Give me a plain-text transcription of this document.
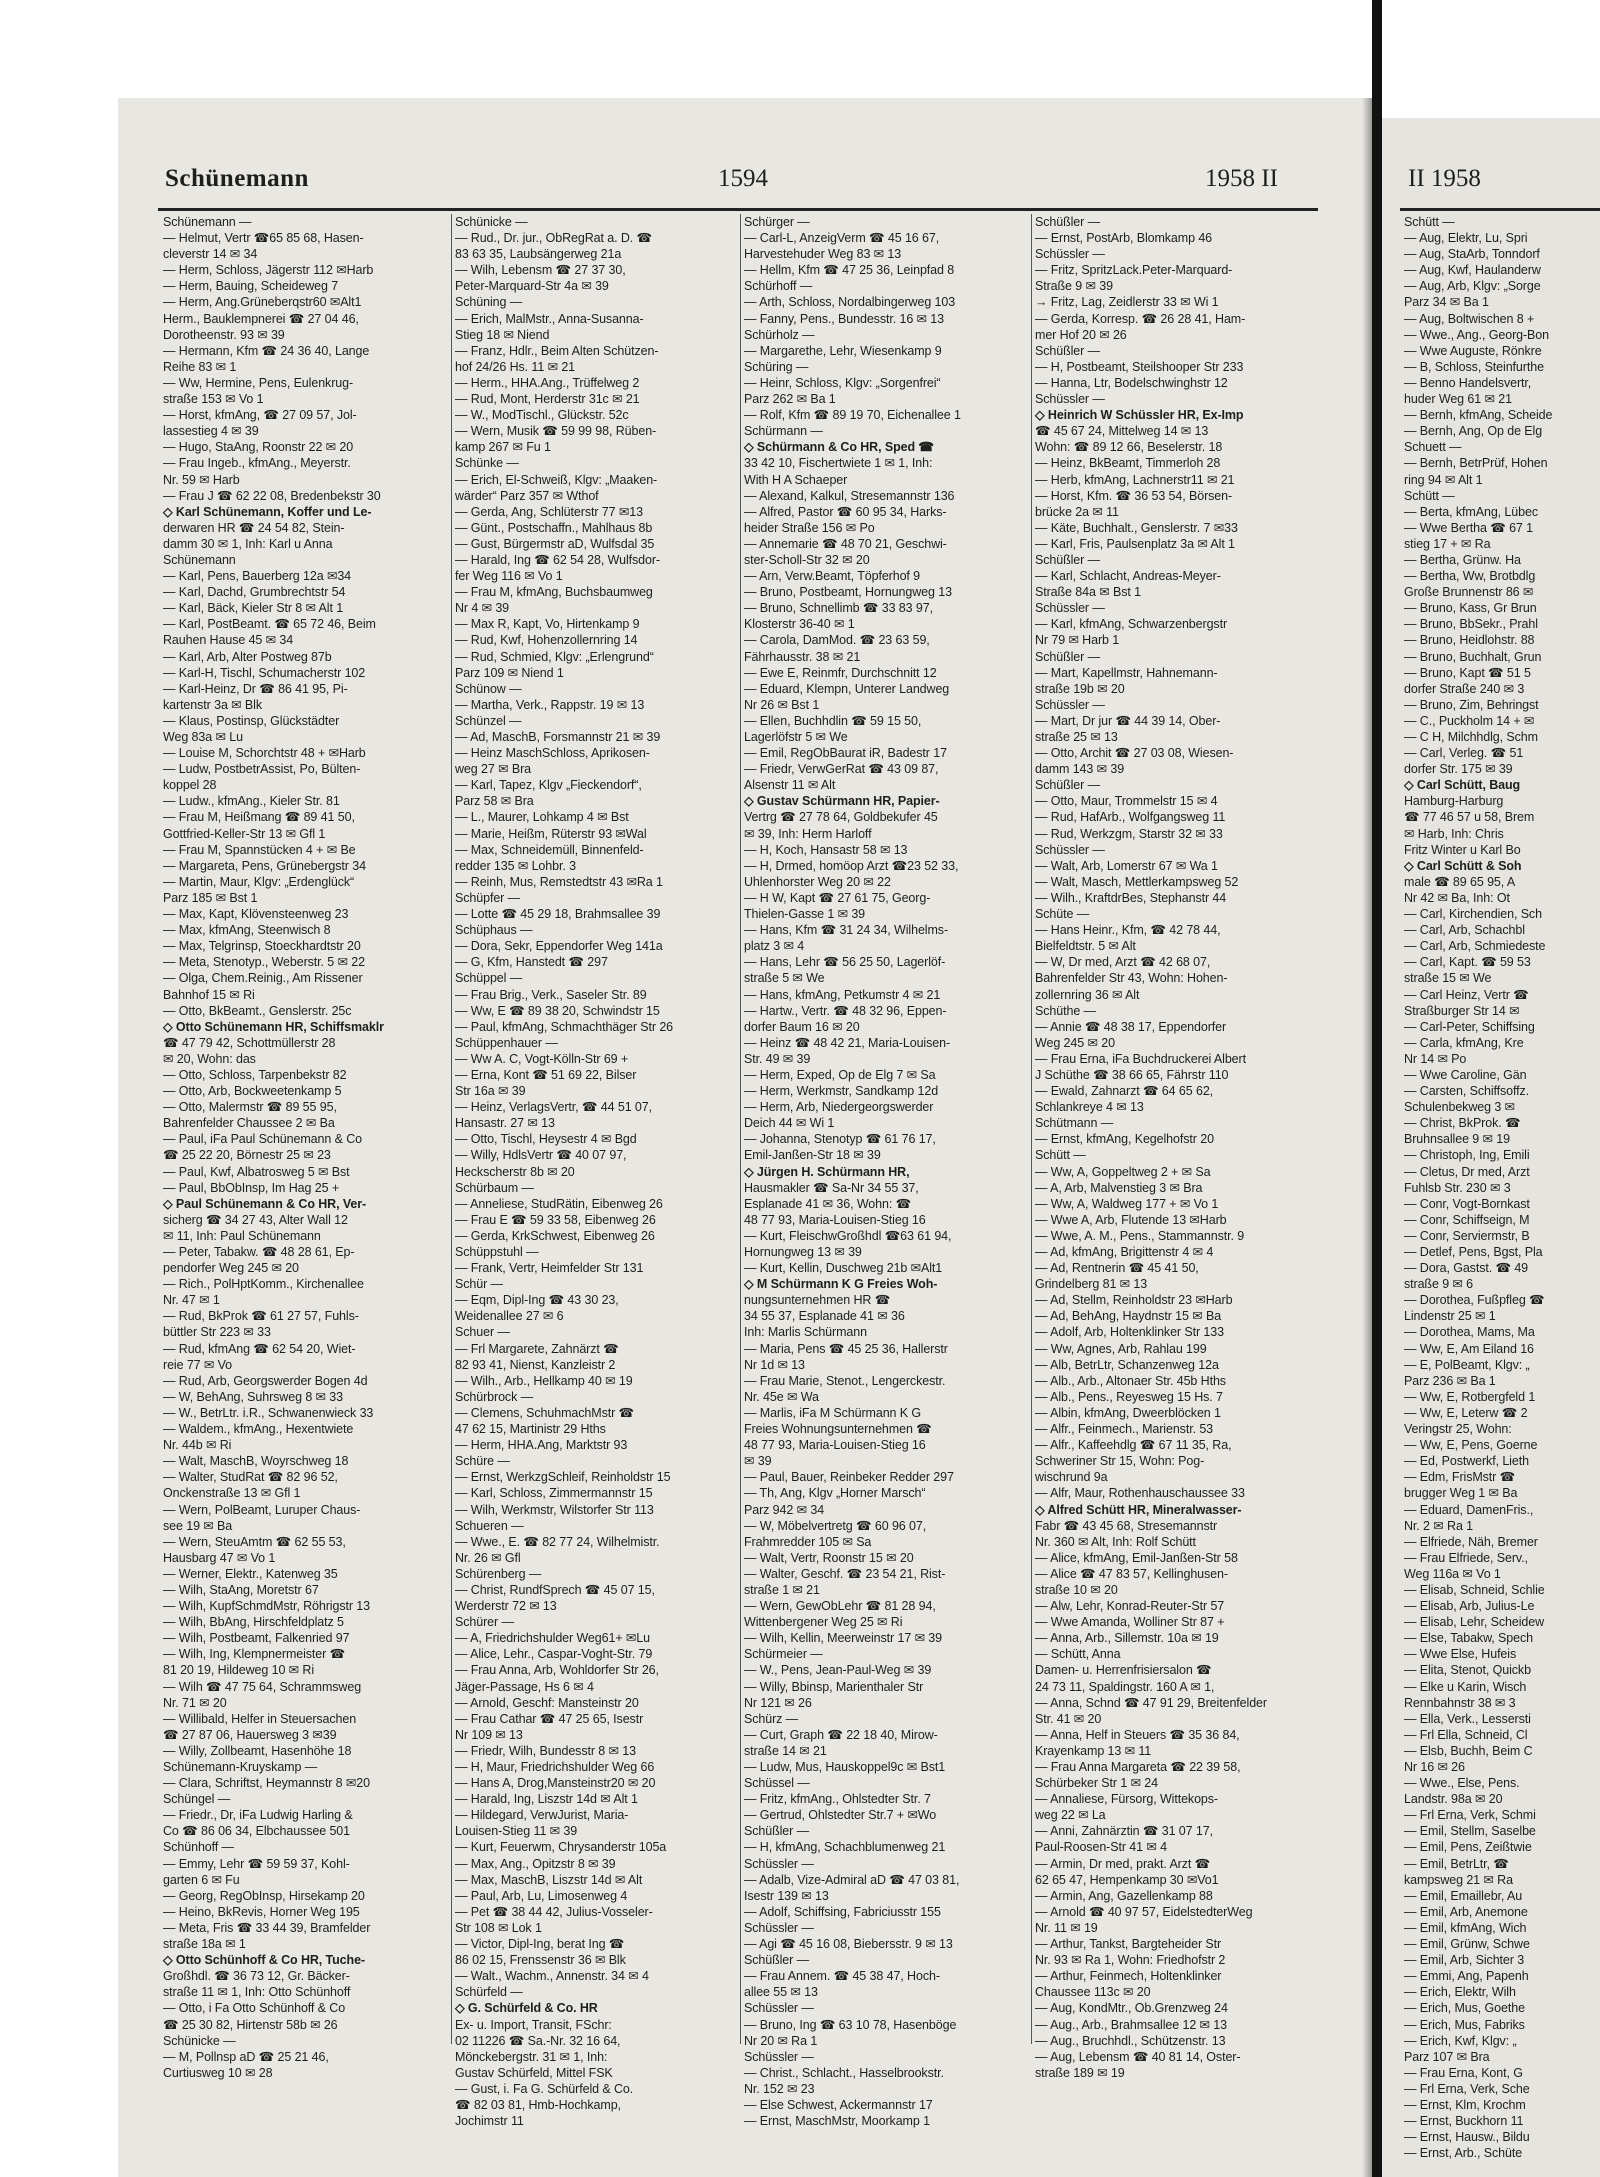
Schünemann	1594	1958 II	II 1958
Schünemann —
— Helmut, Vertr ☎65 85 68, Hasen-
cleverstr 14 ✉ 34
— Herm, Schloss, Jägerstr 112 ✉Harb
— Herm, Bauing, Scheideweg 7
— Herm, Ang.Grüneberqstr60 ✉Alt1
Herm., Bauklempnerei ☎ 27 04 46,
Dorotheenstr. 93 ✉ 39
— Hermann, Kfm ☎ 24 36 40, Lange
Reihe 83 ✉ 1
— Ww, Hermine, Pens, Eulenkrug-
straße 153 ✉ Vo 1
— Horst, kfmAng, ☎ 27 09 57, Jol-
lassestieg 4 ✉ 39
— Hugo, StaAng, Roonstr 22 ✉ 20
— Frau Ingeb., kfmAng., Meyerstr.
Nr. 59 ✉ Harb
— Frau J ☎ 62 22 08, Bredenbekstr 30
◇ Karl Schünemann, Koffer und Le-
derwaren HR ☎ 24 54 82, Stein-
damm 30 ✉ 1, Inh: Karl u Anna
Schünemann
— Karl, Pens, Bauerberg 12a ✉34
— Karl, Dachd, Grumbrechtstr 54
— Karl, Bäck, Kieler Str 8 ✉ Alt 1
— Karl, PostBeamt. ☎ 65 72 46, Beim
Rauhen Hause 45 ✉ 34
— Karl, Arb, Alter Postweg 87b
— Karl-H, Tischl, Schumacherstr 102
— Karl-Heinz, Dr ☎ 86 41 95, Pi-
kartenstr 3a ✉ Blk
— Klaus, Postinsp, Glückstädter
Weg 83a ✉ Lu
— Louise M, Schorchtstr 48 + ✉Harb
— Ludw, PostbetrAssist, Po, Bülten-
koppel 28
— Ludw., kfmAng., Kieler Str. 81
— Frau M, Heißmang ☎ 89 41 50,
Gottfried-Keller-Str 13 ✉ Gfl 1
— Frau M, Spannstücken 4 + ✉ Be
— Margareta, Pens, Grünebergstr 34
— Martin, Maur, Klgv: „Erdenglück“
Parz 185 ✉ Bst 1
— Max, Kapt, Klövensteenweg 23
— Max, kfmAng, Steenwisch 8
— Max, Telgrinsp, Stoeckhardtstr 20
— Meta, Stenotyp., Weberstr. 5 ✉ 22
— Olga, Chem.Reinig., Am Rissener
Bahnhof 15 ✉ Ri
— Otto, BkBeamt., Genslerstr. 25c
◇ Otto Schünemann HR, Schiffsmaklr
☎ 47 79 42, Schottmüllerstr 28
✉ 20, Wohn: das
— Otto, Schloss, Tarpenbekstr 82
— Otto, Arb, Bockweetenkamp 5
— Otto, Malermstr ☎ 89 55 95,
Bahrenfelder Chaussee 2 ✉ Ba
— Paul, iFa Paul Schünemann & Co
☎ 25 22 20, Börnestr 25 ✉ 23
— Paul, Kwf, Albatrosweg 5 ✉ Bst
— Paul, BbObInsp, Im Hag 25 +
◇ Paul Schünemann & Co HR, Ver-
sicherg ☎ 34 27 43, Alter Wall 12
✉ 11, Inh: Paul Schünemann
— Peter, Tabakw. ☎ 48 28 61, Ep-
pendorfer Weg 245 ✉ 20
— Rich., PolHptKomm., Kirchenallee
Nr. 47 ✉ 1
— Rud, BkProk ☎ 61 27 57, Fuhls-
büttler Str 223 ✉ 33
— Rud, kfmAng ☎ 62 54 20, Wiet-
reie 77 ✉ Vo
— Rud, Arb, Georgswerder Bogen 4d
— W, BehAng, Suhrsweg 8 ✉ 33
— W., BetrLtr. i.R., Schwanenwieck 33
— Waldem., kfmAng., Hexentwiete
Nr. 44b ✉ Ri
— Walt, MaschB, Woyrschweg 18
— Walter, StudRat ☎ 82 96 52,
Onckenstraße 13 ✉ Gfl 1
— Wern, PolBeamt, Luruper Chaus-
see 19 ✉ Ba
— Wern, SteuAmtm ☎ 62 55 53,
Hausbarg 47 ✉ Vo 1
— Werner, Elektr., Katenweg 35
— Wilh, StaAng, Moretstr 67
— Wilh, KupfSchmdMstr, Röhrigstr 13
— Wilh, BbAng, Hirschfeldplatz 5
— Wilh, Postbeamt, Falkenried 97
— Wilh, Ing, Klempnermeister ☎
81 20 19, Hildeweg 10 ✉ Ri
— Wilh ☎ 47 75 64, Schrammsweg
Nr. 71 ✉ 20
— Willibald, Helfer in Steuersachen
☎ 27 87 06, Hauersweg 3 ✉39
— Willy, Zollbeamt, Hasenhöhe 18
Schünemann-Kruyskamp —
— Clara, Schriftst, Heymannstr 8 ✉20
Schüngel —
— Friedr., Dr, iFa Ludwig Harling &
Co ☎ 86 06 34, Elbchaussee 501
Schünhoff —
— Emmy, Lehr ☎ 59 59 37, Kohl-
garten 6 ✉ Fu
— Georg, RegObInsp, Hirsekamp 20
— Heino, BkRevis, Horner Weg 195
— Meta, Fris ☎ 33 44 39, Bramfelder
straße 18a ✉ 1
◇ Otto Schünhoff & Co HR, Tuche-
Großhdl. ☎ 36 73 12, Gr. Bäcker-
straße 11 ✉ 1, Inh: Otto Schünhoff
— Otto, i Fa Otto Schünhoff & Co
☎ 25 30 82, Hirtenstr 58b ✉ 26
Schünicke —
— M, Pollnsp aD ☎ 25 21 46,
Curtiusweg 10 ✉ 28
Schünicke —
— Rud., Dr. jur., ObRegRat a. D. ☎
83 63 35, Laubsängerweg 21a
— Wilh, Lebensm ☎ 27 37 30,
Peter-Marquard-Str 4a ✉ 39
Schüning —
— Erich, MalMstr., Anna-Susanna-
Stieg 18 ✉ Niend
— Franz, Hdlr., Beim Alten Schützen-
hof 24/26 Hs. 11 ✉ 21
— Herm., HHA.Ang., Trüffelweg 2
— Rud, Mont, Herderstr 31c ✉ 21
— W., ModTischl., Glückstr. 52c
— Wern, Musik ☎ 59 99 98, Rüben-
kamp 267 ✉ Fu 1
Schünke —
— Erich, El-Schweiß, Klgv: „Maaken-
wärder“ Parz 357 ✉ Wthof
— Gerda, Ang, Schlüterstr 77 ✉13
— Günt., Postschaffn., Mahlhaus 8b
— Gust, Bürgermstr aD, Wulfsdal 35
— Harald, Ing ☎ 62 54 28, Wulfsdor-
fer Weg 116 ✉ Vo 1
— Frau M, kfmAng, Buchsbaumweg
Nr 4 ✉ 39
— Max R, Kapt, Vo, Hirtenkamp 9
— Rud, Kwf, Hohenzollernring 14
— Rud, Schmied, Klgv: „Erlengrund“
Parz 109 ✉ Niend 1
Schünow —
— Martha, Verk., Rappstr. 19 ✉ 13
Schünzel —
— Ad, MaschB, Forsmannstr 21 ✉ 39
— Heinz MaschSchloss, Aprikosen-
weg 27 ✉ Bra
— Karl, Tapez, Klgv „Fieckendorf“,
Parz 58 ✉ Bra
— L., Maurer, Lohkamp 4 ✉ Bst
— Marie, Heißm, Rüterstr 93 ✉Wal
— Max, Schneidemüll, Binnenfeld-
redder 135 ✉ Lohbr. 3
— Reinh, Mus, Remstedtstr 43 ✉Ra 1
Schüpfer —
— Lotte ☎ 45 29 18, Brahmsallee 39
Schüphaus —
— Dora, Sekr, Eppendorfer Weg 141a
— G, Kfm, Hanstedt ☎ 297
Schüppel —
— Frau Brig., Verk., Saseler Str. 89
— Ww, E ☎ 89 38 20, Schwindstr 15
— Paul, kfmAng, Schmachthäger Str 26
Schüppenhauer —
— Ww A. C, Vogt-Kölln-Str 69 +
— Erna, Kont ☎ 51 69 22, Bilser
Str 16a ✉ 39
— Heinz, VerlagsVertr, ☎ 44 51 07,
Hansastr. 27 ✉ 13
— Otto, Tischl, Heysestr 4 ✉ Bgd
— Willy, HdlsVertr ☎ 40 07 97,
Heckscherstr 8b ✉ 20
Schürbaum —
— Anneliese, StudRätin, Eibenweg 26
— Frau E ☎ 59 33 58, Eibenweg 26
— Gerda, KrkSchwest, Eibenweg 26
Schüppstuhl —
— Frank, Vertr, Heimfelder Str 131
Schür —
— Eqm, Dipl-Ing ☎ 43 30 23,
Weidenallee 27 ✉ 6
Schuer —
— Frl Margarete, Zahnärzt ☎
82 93 41, Nienst, Kanzleistr 2
— Wilh., Arb., Hellkamp 40 ✉ 19
Schürbrock —
— Clemens, SchuhmachMstr ☎
47 62 15, Martinistr 29 Hths
— Herm, HHA.Ang, Marktstr 93
Schüre —
— Ernst, WerkzgSchleif, Reinholdstr 15
— Karl, Schloss, Zimmermannstr 15
— Wilh, Werkmstr, Wilstorfer Str 113
Schueren —
— Wwe., E. ☎ 82 77 24, Wilhelmistr.
Nr. 26 ✉ Gfl
Schürenberg —
— Christ, RundfSprech ☎ 45 07 15,
Werderstr 72 ✉ 13
Schürer —
— A, Friedrichshulder Weg61+ ✉Lu
— Alice, Lehr., Caspar-Voght-Str. 79
— Frau Anna, Arb, Wohldorfer Str 26,
Jäger-Passage, Hs 6 ✉ 4
— Arnold, Geschf: Mansteinstr 20
— Frau Cathar ☎ 47 25 65, Isestr
Nr 109 ✉ 13
— Friedr, Wilh, Bundesstr 8 ✉ 13
— H, Maur, Friedrichshulder Weg 66
— Hans A, Drog,Mansteinstr20 ✉ 20
— Harald, Ing, Liszstr 14d ✉ Alt 1
— Hildegard, VerwJurist, Maria-
Louisen-Stieg 11 ✉ 39
— Kurt, Feuerwm, Chrysanderstr 105a
— Max, Ang., Opitzstr 8 ✉ 39
— Max, MaschB, Liszstr 14d ✉ Alt
— Paul, Arb, Lu, Limosenweg 4
— Pet ☎ 38 44 42, Julius-Vosseler-
Str 108 ✉ Lok 1
— Victor, Dipl-Ing, berat Ing ☎
86 02 15, Frenssenstr 36 ✉ Blk
— Walt., Wachm., Annenstr. 34 ✉ 4
Schürfeld —
◇ G. Schürfeld & Co. HR
Ex- u. Import, Transit, FSchr:
02 11226 ☎ Sa.-Nr. 32 16 64,
Mönckebergstr. 31 ✉ 1, Inh:
Gustav Schürfeld, Mittel FSK
— Gust, i. Fa G. Schürfeld & Co.
☎ 82 03 81, Hmb-Hochkamp,
Jochimstr 11
Schürger —
— Carl-L, AnzeigVerm ☎ 45 16 67,
Harvestehuder Weg 83 ✉ 13
— Hellm, Kfm ☎ 47 25 36, Leinpfad 8
Schürhoff —
— Arth, Schloss, Nordalbingerweg 103
— Fanny, Pens., Bundesstr. 16 ✉ 13
Schürholz —
— Margarethe, Lehr, Wiesenkamp 9
Schüring —
— Heinr, Schloss, Klgv: „Sorgenfrei“
Parz 262 ✉ Ba 1
— Rolf, Kfm ☎ 89 19 70, Eichenallee 1
Schürmann —
◇ Schürmann & Co HR, Sped ☎
33 42 10, Fischertwiete 1 ✉ 1, Inh:
With H A Schaeper
— Alexand, Kalkul, Stresemannstr 136
— Alfred, Pastor ☎ 60 95 34, Harks-
heider Straße 156 ✉ Po
— Annemarie ☎ 48 70 21, Geschwi-
ster-Scholl-Str 32 ✉ 20
— Arn, Verw.Beamt, Töpferhof 9
— Bruno, Postbeamt, Hornungweg 13
— Bruno, Schnellimb ☎ 33 83 97,
Klosterstr 36-40 ✉ 1
— Carola, DamMod. ☎ 23 63 59,
Fährhausstr. 38 ✉ 21
— Ewe E, Reinmfr, Durchschnitt 12
— Eduard, Klempn, Unterer Landweg
Nr 26 ✉ Bst 1
— Ellen, Buchhdlin ☎ 59 15 50,
Lagerlöfstr 5 ✉ We
— Emil, RegObBaurat iR, Badestr 17
— Friedr, VerwGerRat ☎ 43 09 87,
Alsenstr 11 ✉ Alt
◇ Gustav Schürmann HR, Papier-
Vertrg ☎ 27 78 64, Goldbekufer 45
✉ 39, Inh: Herm Harloff
— H, Koch, Hansastr 58 ✉ 13
— H, Drmed, homöop Arzt ☎23 52 33,
Uhlenhorster Weg 20 ✉ 22
— H W, Kapt ☎ 27 61 75, Georg-
Thielen-Gasse 1 ✉ 39
— Hans, Kfm ☎ 31 24 34, Wilhelms-
platz 3 ✉ 4
— Hans, Lehr ☎ 56 25 50, Lagerlöf-
straße 5 ✉ We
— Hans, kfmAng, Petkumstr 4 ✉ 21
— Hartw., Vertr. ☎ 48 32 96, Eppen-
dorfer Baum 16 ✉ 20
— Heinz ☎ 48 42 21, Maria-Louisen-
Str. 49 ✉ 39
— Herm, Exped, Op de Elg 7 ✉ Sa
— Herm, Werkmstr, Sandkamp 12d
— Herm, Arb, Niedergeorgswerder
Deich 44 ✉ Wi 1
— Johanna, Stenotyp ☎ 61 76 17,
Emil-Janßen-Str 18 ✉ 39
◇ Jürgen H. Schürmann HR,
Hausmakler ☎ Sa-Nr 34 55 37,
Esplanade 41 ✉ 36, Wohn: ☎
48 77 93, Maria-Louisen-Stieg 16
— Kurt, FleischwGroßhdl ☎63 61 94,
Hornungweg 13 ✉ 39
— Kurt, Kellin, Duschweg 21b ✉Alt1
◇ M Schürmann K G Freies Woh-
nungsunternehmen HR ☎
34 55 37, Esplanade 41 ✉ 36
Inh: Marlis Schürmann
— Maria, Pens ☎ 45 25 36, Hallerstr
Nr 1d ✉ 13
— Frau Marie, Stenot., Lengerckestr.
Nr. 45e ✉ Wa
— Marlis, iFa M Schürmann K G
Freies Wohnungsunternehmen ☎
48 77 93, Maria-Louisen-Stieg 16
✉ 39
— Paul, Bauer, Reinbeker Redder 297
— Th, Ang, Klgv „Horner Marsch“
Parz 942 ✉ 34
— W, Möbelvertretg ☎ 60 96 07,
Frahmredder 105 ✉ Sa
— Walt, Vertr, Roonstr 15 ✉ 20
— Walter, Geschf. ☎ 23 54 21, Rist-
straße 1 ✉ 21
— Wern, GewObLehr ☎ 81 28 94,
Wittenbergener Weg 25 ✉ Ri
— Wilh, Kellin, Meerweinstr 17 ✉ 39
Schürmeier —
— W., Pens, Jean-Paul-Weg ✉ 39
— Willy, Bbinsp, Marienthaler Str
Nr 121 ✉ 26
Schürz —
— Curt, Graph ☎ 22 18 40, Mirow-
straße 14 ✉ 21
— Ludw, Mus, Hauskoppel9c ✉ Bst1
Schüssel —
— Fritz, kfmAng., Ohlstedter Str. 7
— Gertrud, Ohlstedter Str.7 + ✉Wo
Schüßler —
— H, kfmAng, Schachblumenweg 21
Schüssler —
— Adalb, Vize-Admiral aD ☎ 47 03 81,
Isestr 139 ✉ 13
— Adolf, Schiffsing, Fabriciusstr 155
Schüssler —
— Agi ☎ 45 16 08, Biebersstr. 9 ✉ 13
Schüßler —
— Frau Annem. ☎ 45 38 47, Hoch-
allee 55 ✉ 13
Schüssler —
— Bruno, Ing ☎ 63 10 78, Hasenböge
Nr 20 ✉ Ra 1
Schüssler —
— Christ., Schlacht., Hasselbrookstr.
Nr. 152 ✉ 23
— Else Schwest, Ackermannstr 17
— Ernst, MaschMstr, Moorkamp 1
Schüßler —
— Ernst, PostArb, Blomkamp 46
Schüssler —
— Fritz, SpritzLack.Peter-Marquard-
Straße 9 ✉ 39
→ Fritz, Lag, Zeidlerstr 33 ✉ Wi 1
— Gerda, Korresp. ☎ 26 28 41, Ham-
mer Hof 20 ✉ 26
Schüßler —
— H, Postbeamt, Steilshooper Str 233
— Hanna, Ltr, Bodelschwinghstr 12
Schüssler —
◇ Heinrich W Schüssler HR, Ex-Imp
☎ 45 67 24, Mittelweg 14 ✉ 13
Wohn: ☎ 89 12 66, Beselerstr. 18
— Heinz, BkBeamt, Timmerloh 28
— Herb, kfmAng, Lachnerstr11 ✉ 21
— Horst, Kfm. ☎ 36 53 54, Börsen-
brücke 2a ✉ 11
— Käte, Buchhalt., Genslerstr. 7 ✉33
— Karl, Fris, Paulsenplatz 3a ✉ Alt 1
Schüßler —
— Karl, Schlacht, Andreas-Meyer-
Straße 84a ✉ Bst 1
Schüssler —
— Karl, kfmAng, Schwarzenbergstr
Nr 79 ✉ Harb 1
Schüßler —
— Mart, Kapellmstr, Hahnemann-
straße 19b ✉ 20
Schüssler —
— Mart, Dr jur ☎ 44 39 14, Ober-
straße 25 ✉ 13
— Otto, Archit ☎ 27 03 08, Wiesen-
damm 143 ✉ 39
Schüßler —
— Otto, Maur, Trommelstr 15 ✉ 4
— Rud, HafArb., Wolfgangsweg 11
— Rud, Werkzgm, Starstr 32 ✉ 33
Schüssler —
— Walt, Arb, Lomerstr 67 ✉ Wa 1
— Walt, Masch, Mettlerkampsweg 52
— Wilh., KraftdrBes, Stephanstr 44
Schüte —
— Hans Heinr., Kfm, ☎ 42 78 44,
Bielfeldtstr. 5 ✉ Alt
— W, Dr med, Arzt ☎ 42 68 07,
Bahrenfelder Str 43, Wohn: Hohen-
zollernring 36 ✉ Alt
Schüthe —
— Annie ☎ 48 38 17, Eppendorfer
Weg 245 ✉ 20
— Frau Erna, iFa Buchdruckerei Albert
J Schüthe ☎ 38 66 65, Fährstr 110
— Ewald, Zahnarzt ☎ 64 65 62,
Schlankreye 4 ✉ 13
Schütmann —
— Ernst, kfmAng, Kegelhofstr 20
Schütt —
— Ww, A, Goppeltweg 2 + ✉ Sa
— A, Arb, Malvenstieg 3 ✉ Bra
— Ww, A, Waldweg 177 + ✉ Vo 1
— Wwe A, Arb, Flutende 13 ✉Harb
— Wwe, A. M., Pens., Stammannstr. 9
— Ad, kfmAng, Brigittenstr 4 ✉ 4
— Ad, Rentnerin ☎ 45 41 50,
Grindelberg 81 ✉ 13
— Ad, Stellm, Reinholdstr 23 ✉Harb
— Ad, BehAng, Haydnstr 15 ✉ Ba
— Adolf, Arb, Holtenklinker Str 133
— Ww, Agnes, Arb, Rahlau 199
— Alb, BetrLtr, Schanzenweg 12a
— Alb., Arb., Altonaer Str. 45b Hths
— Alb., Pens., Reyesweg 15 Hs. 7
— Albin, kfmAng, Dweerblöcken 1
— Alfr., Feinmech., Marienstr. 53
— Alfr., Kaffeehdlg ☎ 67 11 35, Ra,
Schweriner Str 15, Wohn: Pog-
wischrund 9a
— Alfr, Maur, Rothenhauschaussee 33
◇ Alfred Schütt HR, Mineralwasser-
Fabr ☎ 43 45 68, Stresemannstr
Nr. 360 ✉ Alt, Inh: Rolf Schütt
— Alice, kfmAng, Emil-Janßen-Str 58
— Alice ☎ 47 83 57, Kellinghusen-
straße 10 ✉ 20
— Alw, Lehr, Konrad-Reuter-Str 57
— Wwe Amanda, Wolliner Str 87 +
— Anna, Arb., Sillemstr. 10a ✉ 19
— Schütt, Anna
Damen- u. Herrenfrisiersalon ☎
24 73 11, Spaldingstr. 160 A ✉ 1,
— Anna, Schnd ☎ 47 91 29, Breitenfelder
Str. 41 ✉ 20
— Anna, Helf in Steuers ☎ 35 36 84,
Krayenkamp 13 ✉ 11
— Frau Anna Margareta ☎ 22 39 58,
Schürbeker Str 1 ✉ 24
— Annaliese, Fürsorg, Wittekops-
weg 22 ✉ La
— Anni, Zahnärztin ☎ 31 07 17,
Paul-Roosen-Str 41 ✉ 4
— Armin, Dr med, prakt. Arzt ☎
62 65 47, Hempenkamp 30 ✉Vo1
— Armin, Ang, Gazellenkamp 88
— Arnold ☎ 40 97 57, EidelstedterWeg
Nr. 11 ✉ 19
— Arthur, Tankst, Bargteheider Str
Nr. 93 ✉ Ra 1, Wohn: Friedhofstr 2
— Arthur, Feinmech, Holtenklinker
Chaussee 113c ✉ 20
— Aug, KondMtr., Ob.Grenzweg 24
— Aug., Arb., Brahmsallee 12 ✉ 13
— Aug., Bruchhdl., Schützenstr. 13
— Aug, Lebensm ☎ 40 81 14, Oster-
straße 189 ✉ 19
Schütt —
— Aug, Elektr, Lu, Spri
— Aug, StaArb, Tonndorf
— Aug, Kwf, Haulanderw
— Aug, Arb, Klgv: „Sorge
Parz 34 ✉ Ba 1
— Aug, Boltwischen 8 +
— Wwe., Ang., Georg-Bon
— Wwe Auguste, Rönkre
— B, Schloss, Steinfurthe
— Benno Handelsvertr,
huder Weg 61 ✉ 21
— Bernh, kfmAng, Scheide
— Bernh, Ang, Op de Elg
Schuett —
— Bernh, BetrPrüf, Hohen
ring 94 ✉ Alt 1
Schütt —
— Berta, kfmAng, Lübec
— Wwe Bertha ☎ 67 1
stieg 17 + ✉ Ra
— Bertha, Grünw. Ha
— Bertha, Ww, Brotbdlg
Große Brunnenstr 86 ✉
— Bruno, Kass, Gr Brun
— Bruno, BbSekr., Prahl
— Bruno, Heidlohstr. 88
— Bruno, Buchhalt, Grun
— Bruno, Kapt ☎ 51 5
dorfer Straße 240 ✉ 3
— Bruno, Zim, Behringst
— C., Puckholm 14 + ✉
— C H, Milchhdlg, Schm
— Carl, Verleg. ☎ 51
dorfer Str. 175 ✉ 39
◇ Carl Schütt, Baug
Hamburg-Harburg
☎ 77 46 57 u 58, Brem
✉ Harb, Inh: Chris
Fritz Winter u Karl Bo
◇ Carl Schütt & Soh
male ☎ 89 65 95, A
Nr 42 ✉ Ba, Inh: Ot
— Carl, Kirchendien, Sch
— Carl, Arb, Schachbl
— Carl, Arb, Schmiedeste
— Carl, Kapt. ☎ 59 53
straße 15 ✉ We
— Carl Heinz, Vertr ☎
Straßburger Str 14 ✉
— Carl-Peter, Schiffsing
— Carla, kfmAng, Kre
Nr 14 ✉ Po
— Wwe Caroline, Gän
— Carsten, Schiffsoffz.
Schulenbekweg 3 ✉
— Christ, BkProk. ☎
Bruhnsallee 9 ✉ 19
— Christoph, Ing, Emili
— Cletus, Dr med, Arzt
Fuhlsb Str. 230 ✉ 3
— Conr, Vogt-Bornkast
— Conr, Schiffseign, M
— Conr, Serviermstr, B
— Detlef, Pens, Bgst, Pla
— Dora, Gastst. ☎ 49
straße 9 ✉ 6
— Dorothea, Fußpfleg ☎
Lindenstr 25 ✉ 1
— Dorothea, Mams, Ma
— Ww, E, Am Eiland 16
— E, PolBeamt, Klgv: „
Parz 236 ✉ Ba 1
— Ww, E, Rotbergfeld 1
— Ww, E, Leterw ☎ 2
Veringstr 25, Wohn:
— Ww, E, Pens, Goerne
— Ed, Postwerkf, Lieth
— Edm, FrisMstr ☎
brugger Weg 1 ✉ Ba
— Eduard, DamenFris.,
Nr. 2 ✉ Ra 1
— Elfriede, Näh, Bremer
— Frau Elfriede, Serv.,
Weg 116a ✉ Vo 1
— Elisab, Schneid, Schlie
— Elisab, Arb, Julius-Le
— Elisab, Lehr, Scheidew
— Else, Tabakw, Spech
— Wwe Else, Hufeis
— Elita, Stenot, Quickb
— Elke u Karin, Wisch
Rennbahnstr 38 ✉ 3
— Ella, Verk., Lessersti
— Frl Ella, Schneid, Cl
— Elsb, Buchh, Beim C
Nr 16 ✉ 26
— Wwe., Else, Pens.
Landstr. 98a ✉ 20
— Frl Erna, Verk, Schmi
— Emil, Stellm, Saselbe
— Emil, Pens, Zeißtwie
— Emil, BetrLtr, ☎
kampsweg 21 ✉ Ra
— Emil, Emaillebr, Au
— Emil, Arb, Anemone
— Emil, kfmAng, Wich
— Emil, Grünw, Schwe
— Emil, Arb, Sichter 3
— Emmi, Ang, Papenh
— Erich, Elektr, Wilh
— Erich, Mus, Goethe
— Erich, Mus, Fabriks
— Erich, Kwf, Klgv: „
Parz 107 ✉ Bra
— Frau Erna, Kont, G
— Frl Erna, Verk, Sche
— Ernst, Klm, Krochm
— Ernst, Buckhorn 11
— Ernst, Hausw., Bildu
— Ernst, Arb., Schüte
